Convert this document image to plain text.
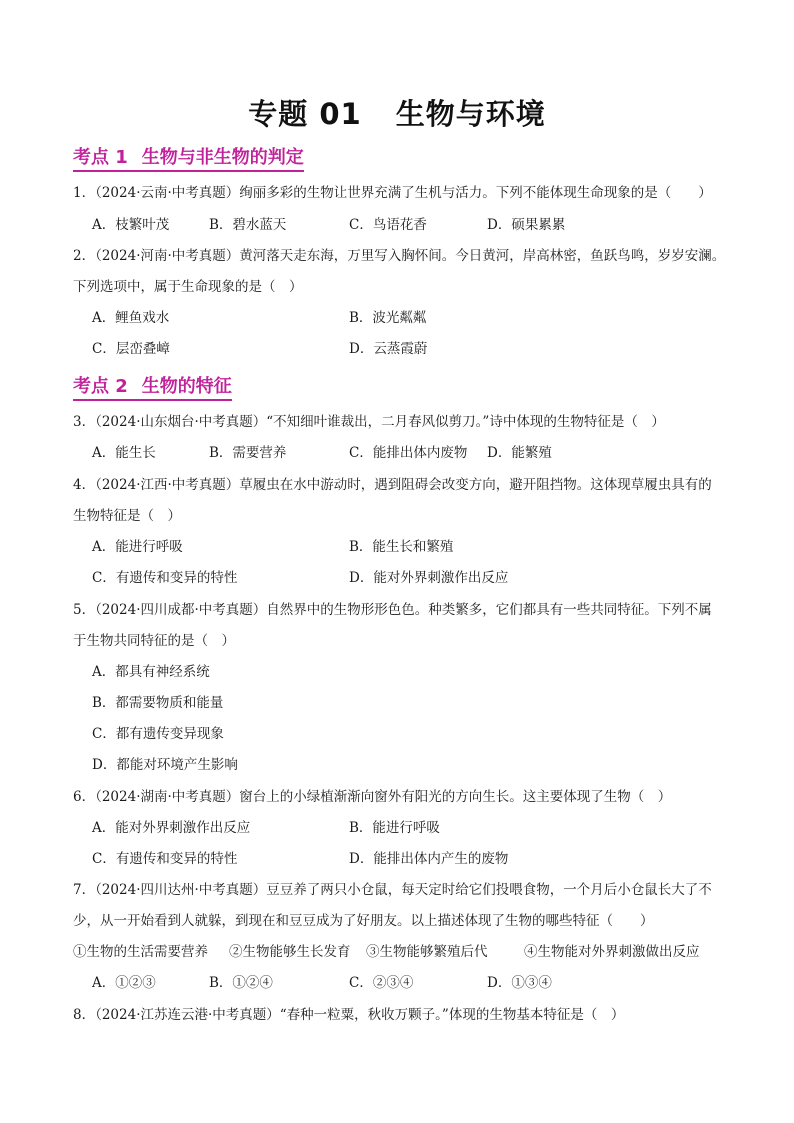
专题 01 生物与环境
考点 1 生物与非生物的判定
1．（2024·云南·中考真题）绚丽多彩的生物让世界充满了生机与活力。下列不能体现生命现象的是（　　）
A．枝繁叶茂	B．碧水蓝天	C．鸟语花香	D．硕果累累
2．（2024·河南·中考真题）黄河落天走东海，万里写入胸怀间。今日黄河，岸高林密，鱼跃鸟鸣，岁岁安澜。
下列选项中，属于生命现象的是（　）
A．鲤鱼戏水	B．波光粼粼
C．层峦叠嶂	D．云蒸霞蔚
考点 2 生物的特征
3．（2024·山东烟台·中考真题）“不知细叶谁裁出，二月春风似剪刀。”诗中体现的生物特征是（　）
A．能生长	B．需要营养	C．能排出体内废物 D．能繁殖
4．（2024·江西·中考真题）草履虫在水中游动时，遇到阻碍会改变方向，避开阻挡物。这体现草履虫具有的
生物特征是（　）
A．能进行呼吸	B．能生长和繁殖
C．有遗传和变异的特性	D．能对外界刺激作出反应
5．（2024·四川成都·中考真题）自然界中的生物形形色色。种类繁多，它们都具有一些共同特征。下列不属
于生物共同特征的是（　）
A．都具有神经系统
B．都需要物质和能量
C．都有遗传变异现象
D．都能对环境产生影响
6．（2024·湖南·中考真题）窗台上的小绿植渐渐向窗外有阳光的方向生长。这主要体现了生物（　）
A．能对外界刺激作出反应	B．能进行呼吸
C．有遗传和变异的特性	D．能排出体内产生的废物
7．（2024·四川达州·中考真题）豆豆养了两只小仓鼠，每天定时给它们投喂食物，一个月后小仓鼠长大了不
少，从一开始看到人就躲，到现在和豆豆成为了好朋友。以上描述体现了生物的哪些特征（　　）
①生物的生活需要营养 ②生物能够生长发育 ③生物能够繁殖后代	④生物能对外界刺激做出反应
A．①②③	B．①②④	C．②③④	D．①③④
8．（2024·江苏连云港·中考真题）“春种一粒粟，秋收万颗子。”体现的生物基本特征是（　）
